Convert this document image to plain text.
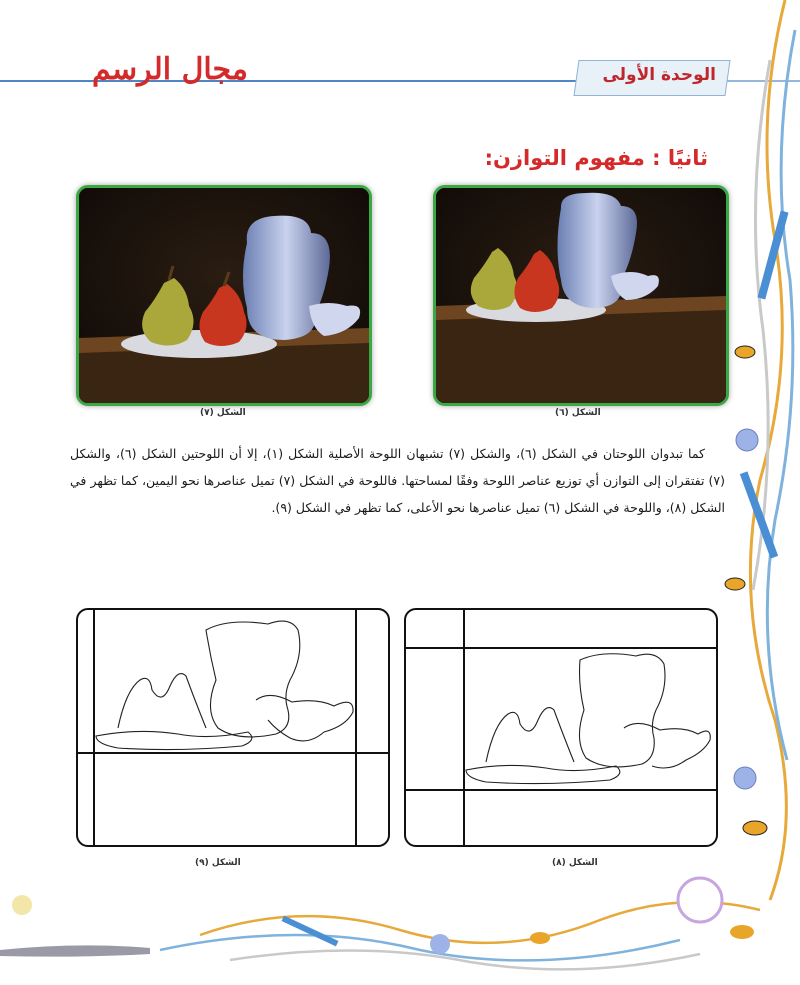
مجال الرسم	الوحدة الأولى
ثانيًا : مفهوم التوازن:
الشكل (٧)	الشكل (٦)

كما تبدوان اللوحتان في الشكل (٦)، والشكل (٧) تشبهان اللوحة الأصلية الشكل (١)، إلا أن اللوحتين الشكل (٦)، والشكل (٧) تفتقران إلى التوازن أي توزيع عناصر اللوحة وفقًا لمساحتها. فاللوحة في الشكل (٧) تميل عناصرها نحو اليمين، كما تظهر في الشكل (٨)، واللوحة في الشكل (٦) تميل عناصرها نحو الأعلى، كما تظهر في الشكل (٩).

الشكل (٩)	الشكل (٨)
